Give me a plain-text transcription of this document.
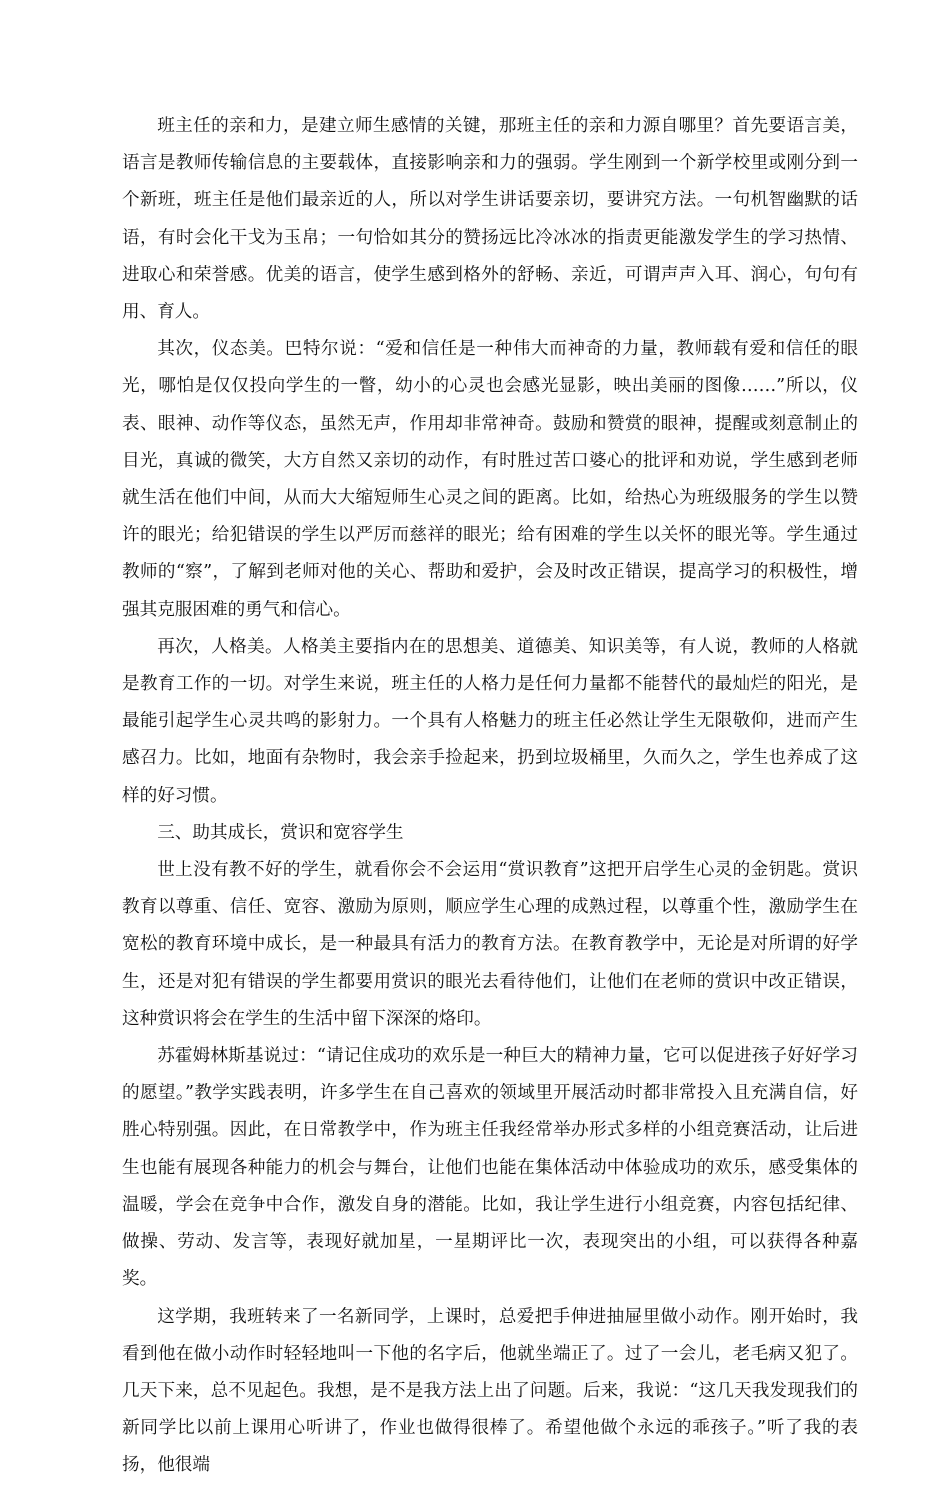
班主任的亲和力，是建立师生感情的关键，那班主任的亲和力源自哪里？首先要语言美，语言是教师传输信息的主要载体，直接影响亲和力的强弱。学生刚到一个新学校里或刚分到一个新班，班主任是他们最亲近的人，所以对学生讲话要亲切，要讲究方法。一句机智幽默的话语，有时会化干戈为玉帛；一句恰如其分的赞扬远比冷冰冰的指责更能激发学生的学习热情、进取心和荣誉感。优美的语言，使学生感到格外的舒畅、亲近，可谓声声入耳、润心，句句有用、育人。

其次，仪态美。巴特尔说：“爱和信任是一种伟大而神奇的力量，教师载有爱和信任的眼光，哪怕是仅仅投向学生的一瞥，幼小的心灵也会感光显影，映出美丽的图像……”所以，仪表、眼神、动作等仪态，虽然无声，作用却非常神奇。鼓励和赞赏的眼神，提醒或刻意制止的目光，真诚的微笑，大方自然又亲切的动作，有时胜过苦口婆心的批评和劝说，学生感到老师就生活在他们中间，从而大大缩短师生心灵之间的距离。比如，给热心为班级服务的学生以赞许的眼光；给犯错误的学生以严厉而慈祥的眼光；给有困难的学生以关怀的眼光等。学生通过教师的“察”，了解到老师对他的关心、帮助和爱护，会及时改正错误，提高学习的积极性，增强其克服困难的勇气和信心。

再次，人格美。人格美主要指内在的思想美、道德美、知识美等，有人说，教师的人格就是教育工作的一切。对学生来说，班主任的人格力是任何力量都不能替代的最灿烂的阳光，是最能引起学生心灵共鸣的影射力。一个具有人格魅力的班主任必然让学生无限敬仰，进而产生感召力。比如，地面有杂物时，我会亲手捡起来，扔到垃圾桶里，久而久之，学生也养成了这样的好习惯。

三、助其成长，赏识和宽容学生

世上没有教不好的学生，就看你会不会运用“赏识教育”这把开启学生心灵的金钥匙。赏识教育以尊重、信任、宽容、激励为原则，顺应学生心理的成熟过程，以尊重个性，激励学生在宽松的教育环境中成长，是一种最具有活力的教育方法。在教育教学中，无论是对所谓的好学生，还是对犯有错误的学生都要用赏识的眼光去看待他们，让他们在老师的赏识中改正错误，这种赏识将会在学生的生活中留下深深的烙印。

苏霍姆林斯基说过：“请记住成功的欢乐是一种巨大的精神力量，它可以促进孩子好好学习的愿望。”教学实践表明，许多学生在自己喜欢的领域里开展活动时都非常投入且充满自信，好胜心特别强。因此，在日常教学中，作为班主任我经常举办形式多样的小组竞赛活动，让后进生也能有展现各种能力的机会与舞台，让他们也能在集体活动中体验成功的欢乐，感受集体的温暖，学会在竞争中合作，激发自身的潜能。比如，我让学生进行小组竞赛，内容包括纪律、做操、劳动、发言等，表现好就加星，一星期评比一次，表现突出的小组，可以获得各种嘉奖。

这学期，我班转来了一名新同学，上课时，总爱把手伸进抽屉里做小动作。刚开始时，我看到他在做小动作时轻轻地叫一下他的名字后，他就坐端正了。过了一会儿，老毛病又犯了。几天下来，总不见起色。我想，是不是我方法上出了问题。后来，我说：“这几天我发现我们的新同学比以前上课用心听讲了，作业也做得很棒了。希望他做个永远的乖孩子。”听了我的表扬，他很端
